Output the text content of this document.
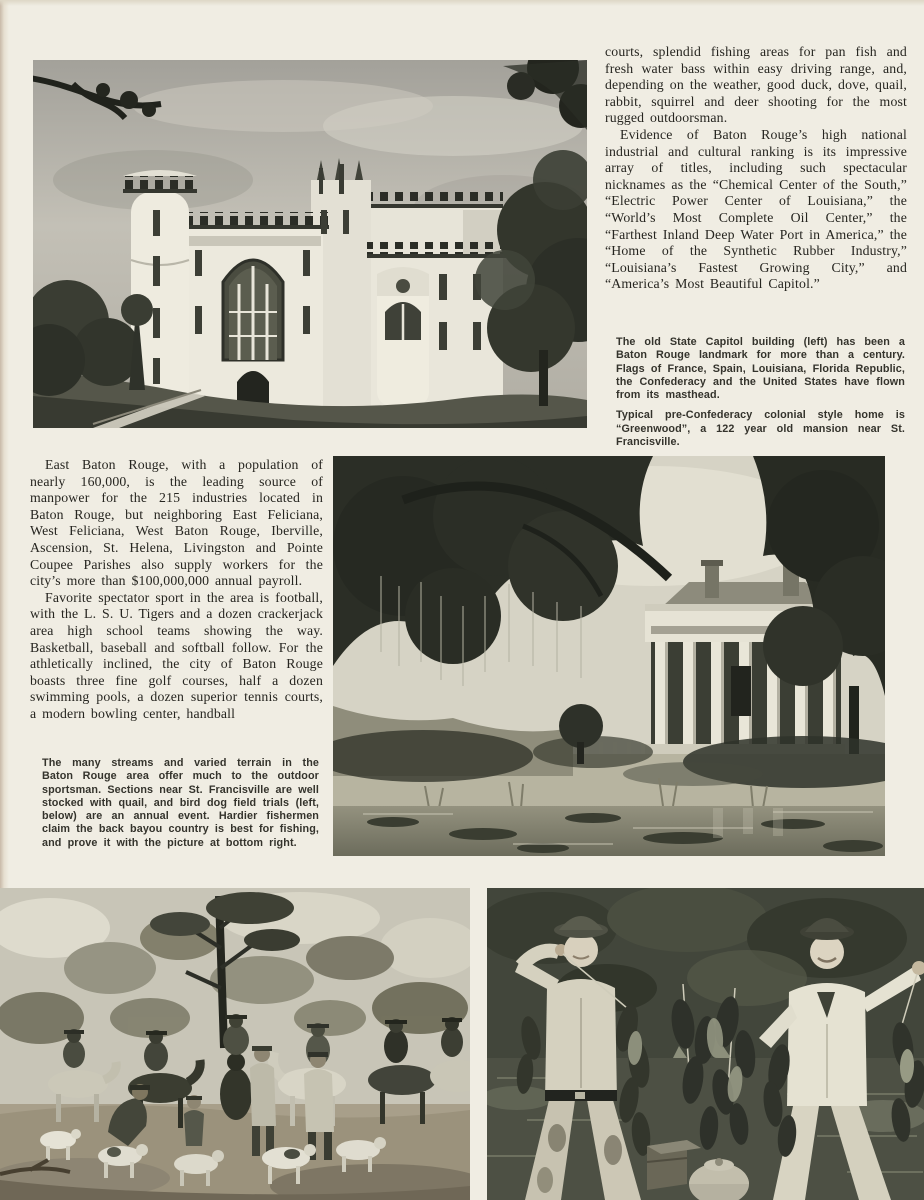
courts, splendid fishing areas for pan fish and fresh water bass within easy driving range, and, depending on the weather, good duck, dove, quail, rabbit, squirrel and deer shooting for the most rugged outdoorsman.

Evidence of Baton Rouge’s high national industrial and cultural ranking is its impressive array of titles, including such spectacular nicknames as the “Chemical Center of the South,” “Electric Power Center of Louisiana,” the “World’s Most Complete Oil Center,” the “Farthest Inland Deep Water Port in America,” the “Home of the Synthetic Rubber Industry,” “Louisiana’s Fastest Growing City,” and “America’s Most Beautiful Capitol.”

The old State Capitol building (left) has been a Baton Rouge landmark for more than a century. Flags of France, Spain, Louisiana, Florida Republic, the Confederacy and the United States have flown from its masthead.

Typical pre-Confederacy colonial style home is “Greenwood”, a 122 year old mansion near St. Francisville.

East Baton Rouge, with a population of nearly 160,000, is the leading source of manpower for the 215 industries located in Baton Rouge, but neighboring East Feliciana, West Feliciana, West Baton Rouge, Iberville, Ascension, St. Helena, Livingston and Pointe Coupee Parishes also supply workers for the city’s more than $100,000,000 annual payroll.

Favorite spectator sport in the area is football, with the L. S. U. Tigers and a dozen crackerjack area high school teams showing the way. Basketball, baseball and softball follow. For the athletically inclined, the city of Baton Rouge boasts three fine golf courses, half a dozen swimming pools, a dozen superior tennis courts, a modern bowling center, handball

The many streams and varied terrain in the Baton Rouge area offer much to the outdoor sportsman. Sections near St. Francisville are well stocked with quail, and bird dog field trials (left, below) are an annual event. Hardier fishermen claim the back bayou country is best for fishing, and prove it with the picture at bottom right.
